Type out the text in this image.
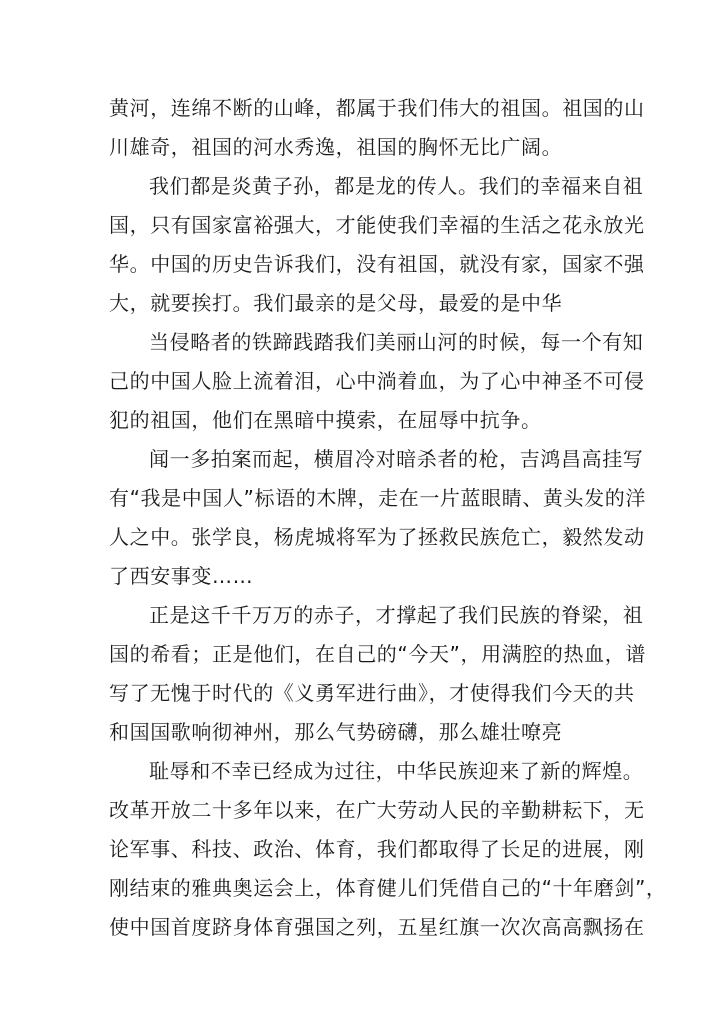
黄河，连绵不断的山峰，都属于我们伟大的祖国。祖国的山
川雄奇，祖国的河水秀逸，祖国的胸怀无比广阔。
我们都是炎黄子孙，都是龙的传人。我们的幸福来自祖
国，只有国家富裕强大，才能使我们幸福的生活之花永放光
华。中国的历史告诉我们，没有祖国，就没有家，国家不强
大，就要挨打。我们最亲的是父母，最爱的是中华
当侵略者的铁蹄践踏我们美丽山河的时候，每一个有知
己的中国人脸上流着泪，心中淌着血，为了心中神圣不可侵
犯的祖国，他们在黑暗中摸索，在屈辱中抗争。
闻一多拍案而起，横眉冷对暗杀者的枪，吉鸿昌高挂写
有“我是中国人”标语的木牌，走在一片蓝眼睛、黄头发的洋
人之中。张学良，杨虎城将军为了拯救民族危亡，毅然发动
了西安事变……
正是这千千万万的赤子，才撑起了我们民族的脊梁，祖
国的希看；正是他们，在自己的“今天”，用满腔的热血，谱
写了无愧于时代的《义勇军进行曲》，才使得我们今天的共
和国国歌响彻神州，那么气势磅礴，那么雄壮嘹亮
耻辱和不幸已经成为过往，中华民族迎来了新的辉煌。
改革开放二十多年以来，在广大劳动人民的辛勤耕耘下，无
论军事、科技、政治、体育，我们都取得了长足的进展，刚
刚结束的雅典奥运会上，体育健儿们凭借自己的“十年磨剑”，
使中国首度跻身体育强国之列，五星红旗一次次高高飘扬在
